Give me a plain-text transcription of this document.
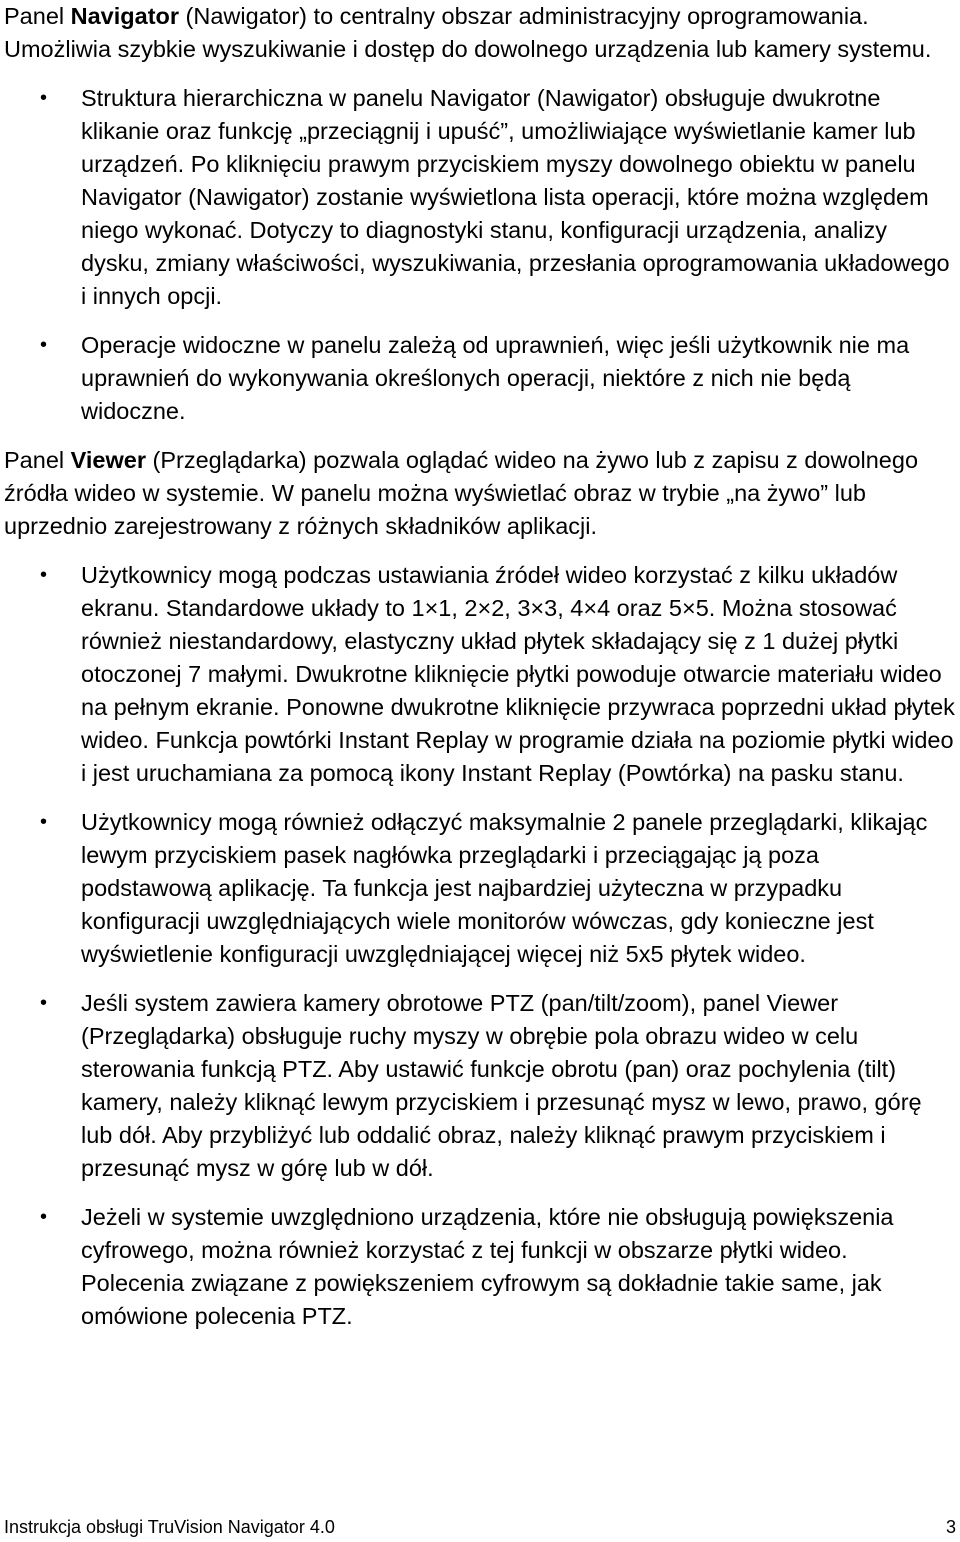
Panel Navigator (Nawigator) to centralny obszar administracyjny oprogramowania. Umożliwia szybkie wyszukiwanie i dostęp do dowolnego urządzenia lub kamery systemu.

• Struktura hierarchiczna w panelu Navigator (Nawigator) obsługuje dwukrotne klikanie oraz funkcję „przeciągnij i upuść”, umożliwiające wyświetlanie kamer lub urządzeń. Po kliknięciu prawym przyciskiem myszy dowolnego obiektu w panelu Navigator (Nawigator) zostanie wyświetlona lista operacji, które można względem niego wykonać. Dotyczy to diagnostyki stanu, konfiguracji urządzenia, analizy dysku, zmiany właściwości, wyszukiwania, przesłania oprogramowania układowego i innych opcji.
• Operacje widoczne w panelu zależą od uprawnień, więc jeśli użytkownik nie ma uprawnień do wykonywania określonych operacji, niektóre z nich nie będą widoczne.

Panel Viewer (Przeglądarka) pozwala oglądać wideo na żywo lub z zapisu z dowolnego źródła wideo w systemie. W panelu można wyświetlać obraz w trybie „na żywo” lub uprzednio zarejestrowany z różnych składników aplikacji.

• Użytkownicy mogą podczas ustawiania źródeł wideo korzystać z kilku układów ekranu. Standardowe układy to 1×1, 2×2, 3×3, 4×4 oraz 5×5. Można stosować również niestandardowy, elastyczny układ płytek składający się z 1 dużej płytki otoczonej 7 małymi. Dwukrotne kliknięcie płytki powoduje otwarcie materiału wideo na pełnym ekranie. Ponowne dwukrotne kliknięcie przywraca poprzedni układ płytek wideo. Funkcja powtórki Instant Replay w programie działa na poziomie płytki wideo i jest uruchamiana za pomocą ikony Instant Replay (Powtórka) na pasku stanu.
• Użytkownicy mogą również odłączyć maksymalnie 2 panele przeglądarki, klikając lewym przyciskiem pasek nagłówka przeglądarki i przeciągając ją poza podstawową aplikację. Ta funkcja jest najbardziej użyteczna w przypadku konfiguracji uwzględniających wiele monitorów wówczas, gdy konieczne jest wyświetlenie konfiguracji uwzględniającej więcej niż 5x5 płytek wideo.
• Jeśli system zawiera kamery obrotowe PTZ (pan/tilt/zoom), panel Viewer (Przeglądarka) obsługuje ruchy myszy w obrębie pola obrazu wideo w celu sterowania funkcją PTZ. Aby ustawić funkcje obrotu (pan) oraz pochylenia (tilt) kamery, należy kliknąć lewym przyciskiem i przesunąć mysz w lewo, prawo, górę lub dół. Aby przybliżyć lub oddalić obraz, należy kliknąć prawym przyciskiem i przesunąć mysz w górę lub w dół.
• Jeżeli w systemie uwzględniono urządzenia, które nie obsługują powiększenia cyfrowego, można również korzystać z tej funkcji w obszarze płytki wideo. Polecenia związane z powiększeniem cyfrowym są dokładnie takie same, jak omówione polecenia PTZ.
Instrukcja obsługi TruVision Navigator 4.0	3
